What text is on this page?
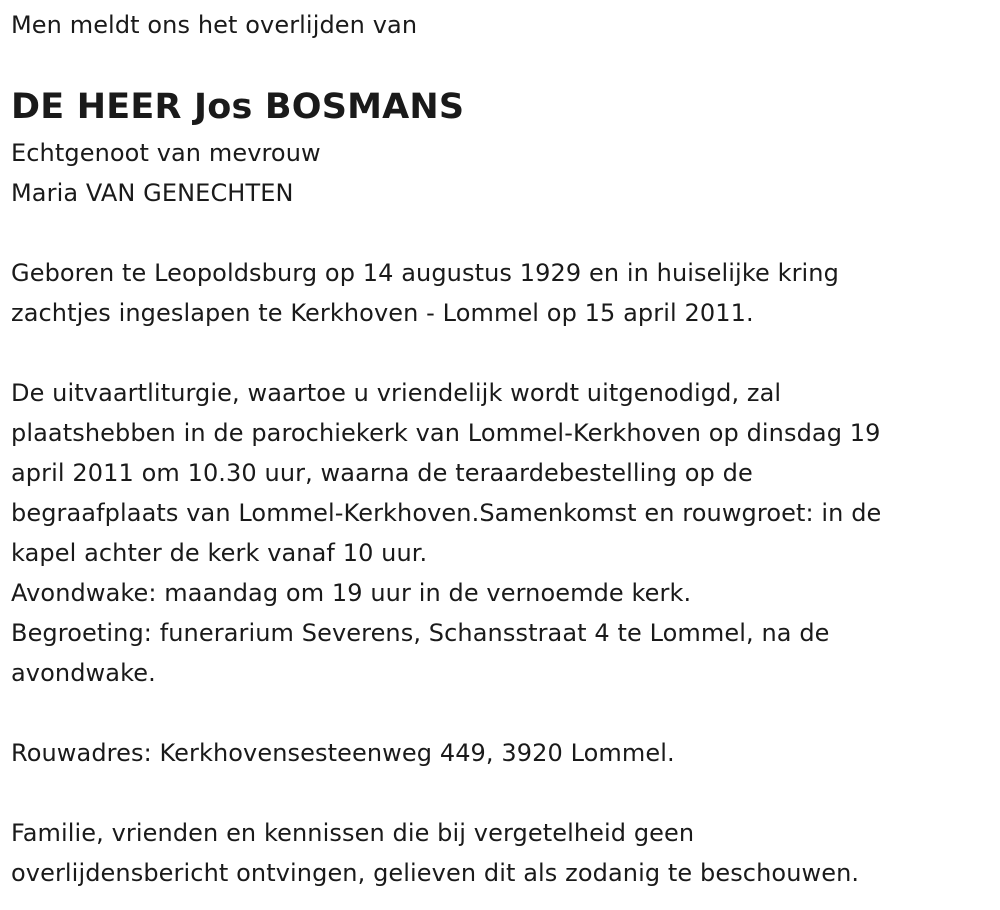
Men meldt ons het overlijden van
DE HEER Jos BOSMANS
Echtgenoot van mevrouw
Maria VAN GENECHTEN
Geboren te Leopoldsburg op 14 augustus 1929 en in huiselijke kring
zachtjes ingeslapen te Kerkhoven - Lommel op 15 april 2011.
De uitvaartliturgie, waartoe u vriendelijk wordt uitgenodigd, zal
plaatshebben in de parochiekerk van Lommel-Kerkhoven op dinsdag 19
april 2011 om 10.30 uur, waarna de teraardebestelling op de
begraafplaats van Lommel-Kerkhoven.Samenkomst en rouwgroet: in de
kapel achter de kerk vanaf 10 uur.
Avondwake: maandag om 19 uur in de vernoemde kerk.
Begroeting: funerarium Severens, Schansstraat 4 te Lommel, na de
avondwake.
Rouwadres: Kerkhovensesteenweg 449, 3920 Lommel.
Familie, vrienden en kennissen die bij vergetelheid geen
overlijdensbericht ontvingen, gelieven dit als zodanig te beschouwen.
